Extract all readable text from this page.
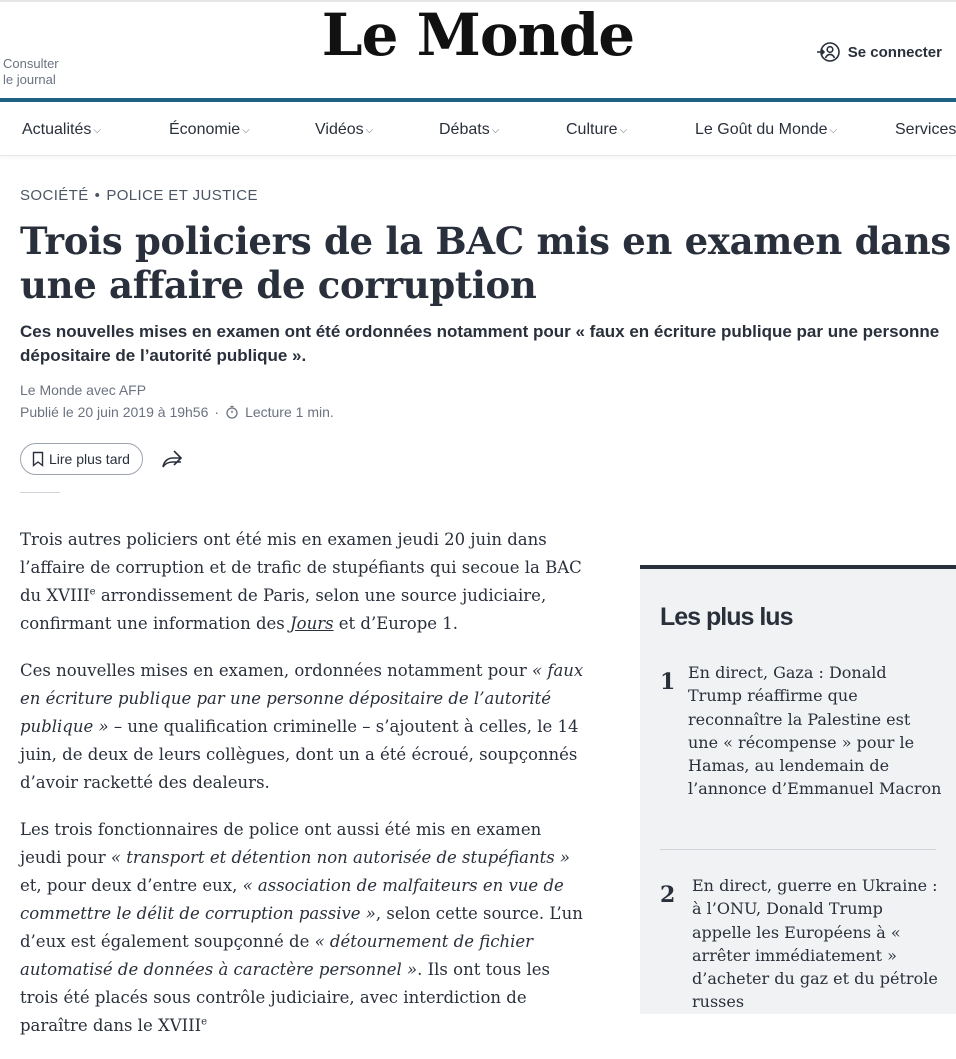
Consulter le journal
Le Monde	Se connecter
Actualités ⌵	Économie ⌵	Vidéos ⌵	Débats ⌵	Culture ⌵	Le Goût du Monde ⌵	Services
SOCIÉTÉ • POLICE ET JUSTICE
Trois policiers de la BAC mis en examen dans une affaire de corruption

Ces nouvelles mises en examen ont été ordonnées notamment pour « faux en écriture publique par une personne dépositaire de l’autorité publique ».

Le Monde avec AFP
Publié le 20 juin 2019 à 19h56 · Lecture 1 min.
Lire plus tard

Trois autres policiers ont été mis en examen jeudi 20 juin dans l’affaire de corruption et de trafic de stupéfiants qui secoue la BAC du XVIIIe arrondissement de Paris, selon une source judiciaire, confirmant une information des Jours et d’Europe 1.

Ces nouvelles mises en examen, ordonnées notamment pour « faux en écriture publique par une personne dépositaire de l’autorité publique » – une qualification criminelle – s’ajoutent à celles, le 14 juin, de deux de leurs collègues, dont un a été écroué, soupçonnés d’avoir racketté des dealeurs.

Les trois fonctionnaires de police ont aussi été mis en examen jeudi pour « transport et détention non autorisée de stupéfiants » et, pour deux d’entre eux, « association de malfaiteurs en vue de commettre le délit de corruption passive », selon cette source. L’un d’eux est également soupçonné de « détournement de fichier automatisé de données à caractère personnel ». Ils ont tous les trois été placés sous contrôle judiciaire, avec interdiction de paraître dans le XVIIIe

Les plus lus
1 En direct, Gaza : Donald Trump réaffirme que reconnaître la Palestine est une « récompense » pour le Hamas, au lendemain de l’annonce d’Emmanuel Macron
2	En direct, guerre en Ukraine : à l’ONU, Donald Trump appelle les Européens à « arrêter immédiatement » d’acheter du gaz et du pétrole russes
